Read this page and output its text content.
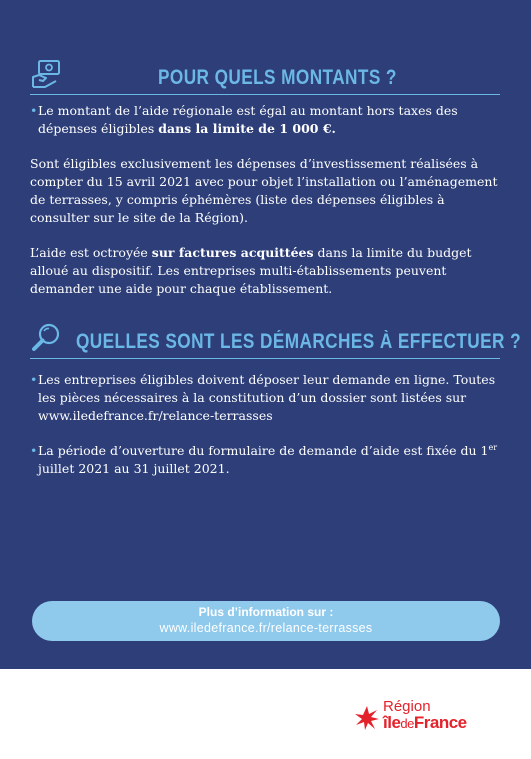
POUR QUELS MONTANTS ?

• Le montant de l’aide régionale est égal au montant hors taxes des dépenses éligibles dans la limite de 1 000 €.

Sont éligibles exclusivement les dépenses d’investissement réalisées à compter du 15 avril 2021 avec pour objet l’installation ou l’aménagement de terrasses, y compris éphémères (liste des dépenses éligibles à consulter sur le site de la Région).

L’aide est octroyée sur factures acquittées dans la limite du budget alloué au dispositif. Les entreprises multi-établissements peuvent demander une aide pour chaque établissement.

QUELLES SONT LES DÉMARCHES À EFFECTUER ?

• Les entreprises éligibles doivent déposer leur demande en ligne. Toutes les pièces nécessaires à la constitution d’un dossier sont listées sur www.iledefrance.fr/relance-terrasses

• La période d’ouverture du formulaire de demande d’aide est fixée du 1er juillet 2021 au 31 juillet 2021.

Plus d’information sur :
www.iledefrance.fr/relance-terrasses
Région
îledeFrance
